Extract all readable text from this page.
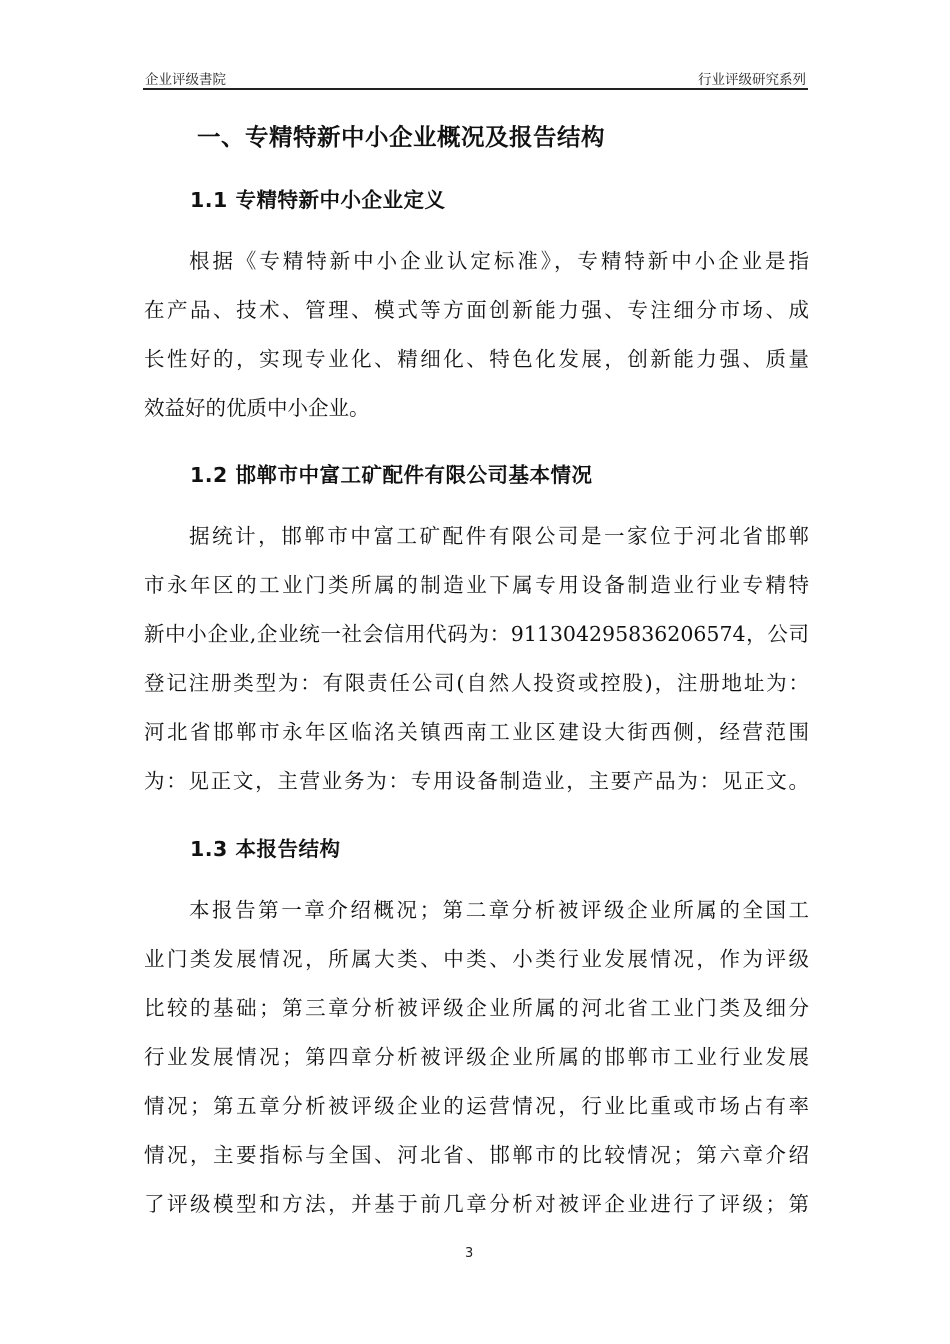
企业评级書院	行业评级研究系列
一、专精特新中小企业概况及报告结构
1.1 专精特新中小企业定义
根据《专精特新中小企业认定标准》，专精特新中小企业是指
在产品、技术、管理、模式等方面创新能力强、专注细分市场、成
长性好的，实现专业化、精细化、特色化发展，创新能力强、质量
效益好的优质中小企业。
1.2 邯郸市中富工矿配件有限公司基本情况
据统计，邯郸市中富工矿配件有限公司是一家位于河北省邯郸
市永年区的工业门类所属的制造业下属专用设备制造业行业专精特
新中小企业,企业统一社会信用代码为：911304295836206574，公司
登记注册类型为：有限责任公司(自然人投资或控股)，注册地址为：
河北省邯郸市永年区临洺关镇西南工业区建设大街西侧，经营范围
为：见正文，主营业务为：专用设备制造业，主要产品为：见正文。
1.3 本报告结构
本报告第一章介绍概况；第二章分析被评级企业所属的全国工
业门类发展情况，所属大类、中类、小类行业发展情况，作为评级
比较的基础；第三章分析被评级企业所属的河北省工业门类及细分
行业发展情况；第四章分析被评级企业所属的邯郸市工业行业发展
情况；第五章分析被评级企业的运营情况，行业比重或市场占有率
情况，主要指标与全国、河北省、邯郸市的比较情况；第六章介绍
了评级模型和方法，并基于前几章分析对被评企业进行了评级；第
3
